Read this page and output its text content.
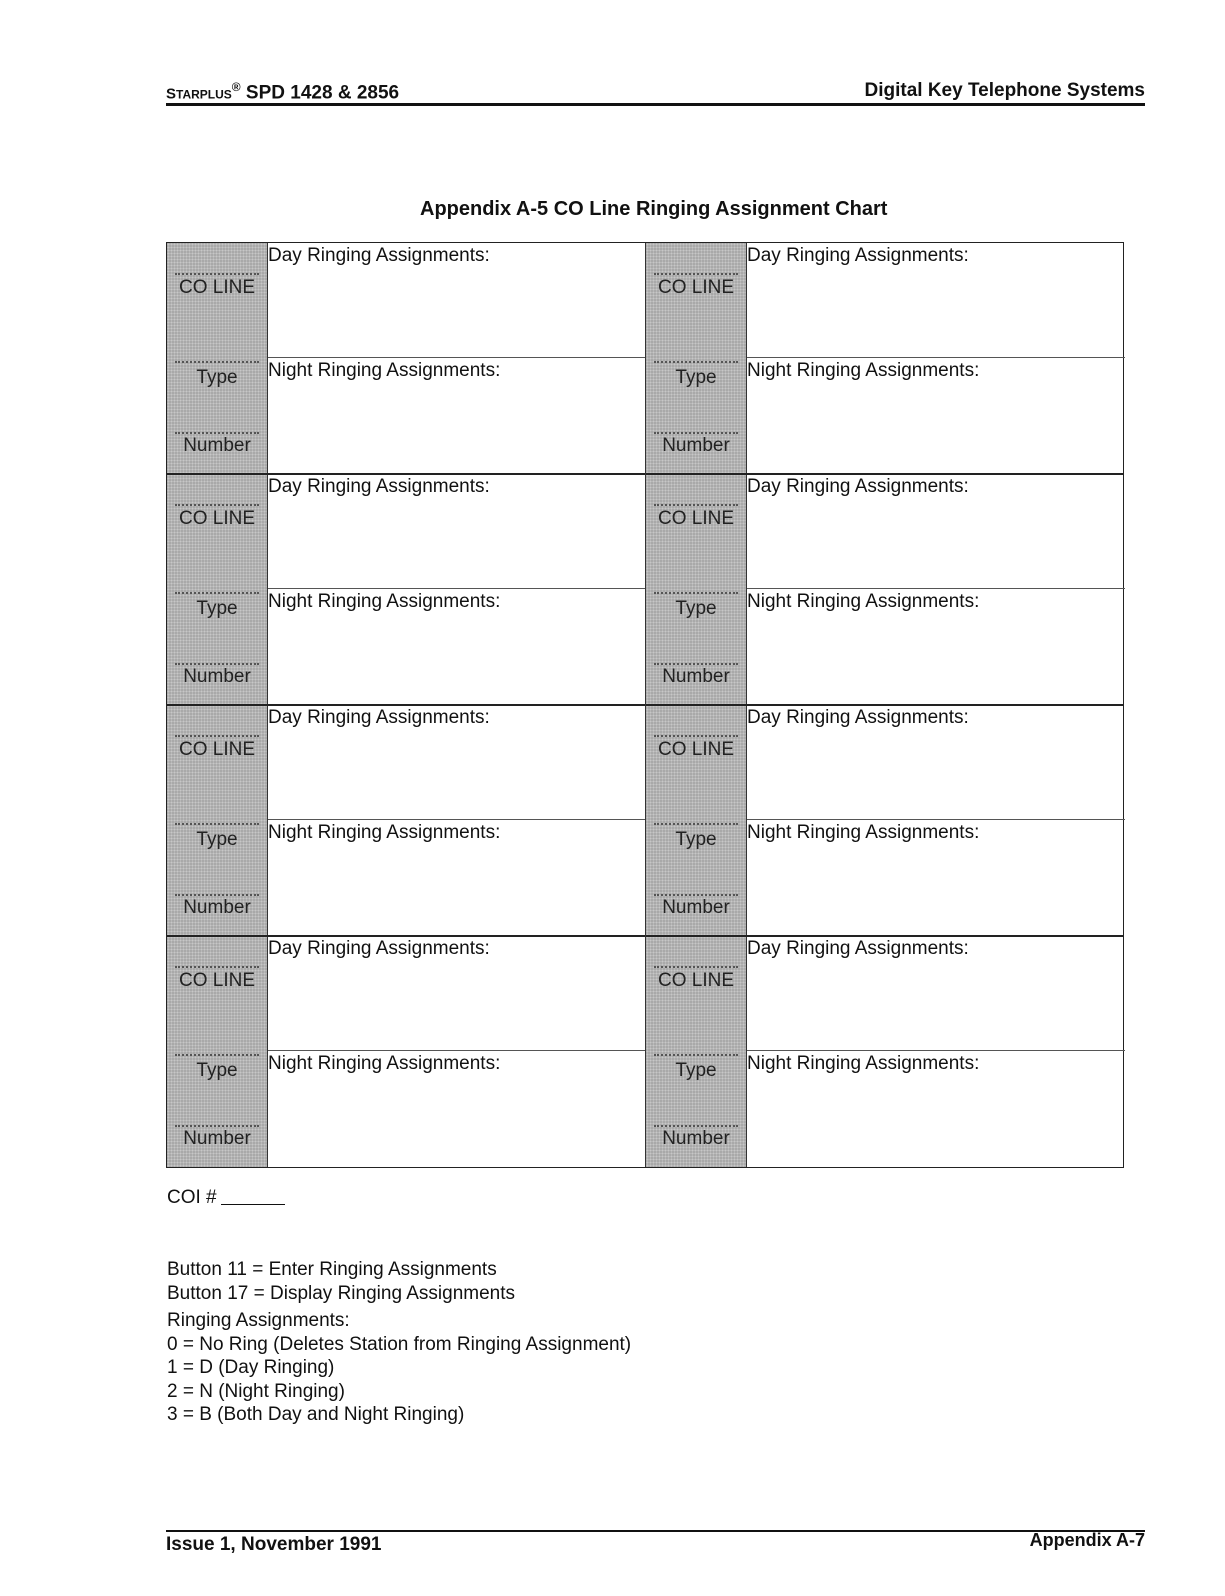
STARPLUS® SPD 1428 & 2856	Digital Key Telephone Systems
Appendix A-5 CO Line Ringing Assignment Chart
CO LINE
Type
Number
Day Ringing Assignments:
Night Ringing Assignments:
CO LINE
Type
Number
Day Ringing Assignments:
Night Ringing Assignments:
CO LINE
Type
Number
Day Ringing Assignments:
Night Ringing Assignments:
CO LINE
Type
Number
Day Ringing Assignments:
Night Ringing Assignments:
CO LINE
Type
Number
Day Ringing Assignments:
Night Ringing Assignments:
CO LINE
Type
Number
Day Ringing Assignments:
Night Ringing Assignments:
CO LINE
Type
Number
Day Ringing Assignments:
Night Ringing Assignments:
CO LINE
Type
Number
Day Ringing Assignments:
Night Ringing Assignments:
COI #
Button 11 = Enter Ringing Assignments
Button 17 = Display Ringing Assignments
Ringing Assignments:
0 = No Ring (Deletes Station from Ringing Assignment)
1 = D (Day Ringing)
2 = N (Night Ringing)
3 = B (Both Day and Night Ringing)
Issue 1, November 1991	Appendix A-7
